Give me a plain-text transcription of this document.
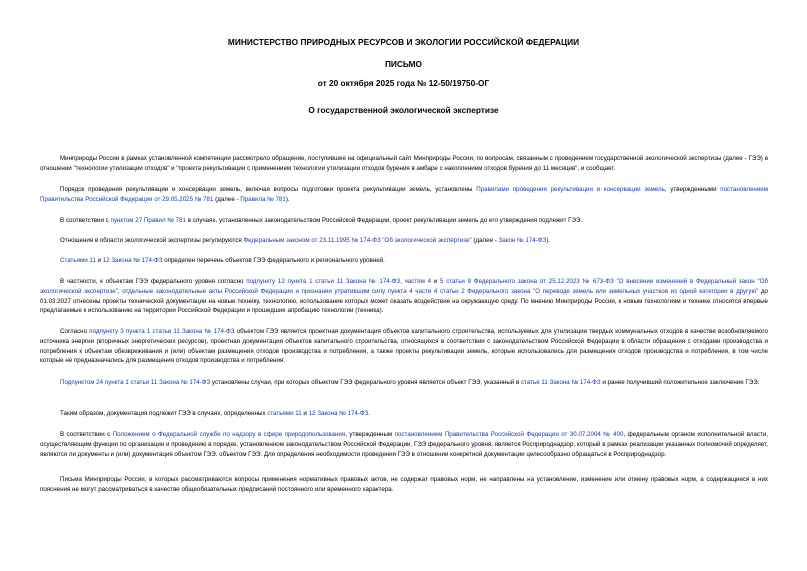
МИНИСТЕРСТВО ПРИРОДНЫХ РЕСУРСОВ И ЭКОЛОГИИ РОССИЙСКОЙ ФЕДЕРАЦИИ
ПИСЬМО
от 20 октября 2025 года № 12-50/19750-ОГ
О государственной экологической экспертизе

Минприроды России в рамках установленной компетенции рассмотрело обращение, поступившее на официальный сайт Минприроды России, по вопросам, связанным с проведением государственной экологической экспертизы (далее - ГЭЭ) в отношении "технологии утилизации отходов" и "проекта рекультивации с применением технологии утилизации отходов бурения в амбаре с накоплением отходов бурения до 11 месяцев", и сообщает.

Порядок проведения рекультивации и консервации земель, включая вопросы подготовки проекта рекультивации земель, установлены Правилами проведения рекультивации и консервации земель, утвержденными постановлением Правительства Российской Федерации от 29.05.2025 № 781 (далее - Правила № 781).

В соответствии с пунктом 27 Правил № 781 в случаях, установленных законодательством Российской Федерации, проект рекультивации земель до его утверждения подлежит ГЭЭ.

Отношения в области экологической экспертизы регулируются Федеральным законом от 23.11.1995 № 174-ФЗ "Об экологической экспертизе" (далее - Закон № 174-ФЗ).

Статьями 11 и 12 Закона № 174-ФЗ определен перечень объектов ГЭЭ федерального и регионального уровней.

В частности, к объектам ГЭЭ федерального уровня согласно подпункту 12 пункта 1 статьи 11 Закона № 174-ФЗ, частям 4 и 5 статьи 9 Федерального закона от 25.12.2023 № 673-ФЗ "О внесении изменений в Федеральный закон "Об экологической экспертизе", отдельные законодательные акты Российской Федерации и признании утратившим силу пункта 4 части 4 статьи 2 Федерального закона "О переводе земель или земельных участков из одной категории в другую" до 01.03.2027 отнесены проекты технической документации на новые технику, технологию, использование которых может оказать воздействие на окружающую среду. По мнению Минприроды России, к новым технологиям и технике относятся впервые предлагаемые к использованию на территории Российской Федерации и прошедшие апробацию технологии (техника).

Согласно подпункту 3 пункта 1 статьи 11 Закона № 174-ФЗ объектом ГЭЭ является проектная документация объектов капитального строительства, используемых для утилизации твердых коммунальных отходов в качестве возобновляемого источника энергии (вторичных энергетических ресурсов), проектная документация объектов капитального строительства, относящихся в соответствии с законодательством Российской Федерации в области обращения с отходами производства и потребления к объектам обезвреживания и (или) объектам размещения отходов производства и потребления, а также проекты рекультивации земель, которые использовались для размещения отходов производства и потребления, в том числе которые не предназначались для размещения отходов производства и потребления.

Подпунктом 24 пункта 1 статьи 11 Закона № 174-ФЗ установлены случаи, при которых объектом ГЭЭ федерального уровня является объект ГЭЭ, указанный в статье 11 Закона № 174-ФЗ и ранее получивший положительное заключение ГЭЭ.

Таким образом, документация подлежит ГЭЭ в случаях, определенных статьями 11 и 12 Закона № 174-ФЗ.

В соответствии с Положением о Федеральной службе по надзору в сфере природопользования, утвержденным постановлением Правительства Российской Федерации от 30.07.2004 № 400, федеральным органом исполнительной власти, осуществляющим функции по организации и проведению в порядке, установленном законодательством Российской Федерации, ГЭЭ федерального уровня, является Росприроднадзор, который в рамках реализации указанных полномочий определяет, являются ли документы и (или) документация объектом ГЭЭ. объектом ГЭЭ. Для определения необходимости проведения ГЭЭ в отношении конкретной документации целесообразно обращаться в Росприроднадзор.

Письма Минприроды России, в которых рассматриваются вопросы применения нормативных правовых актов, не содержат правовых норм, не направлены на установление, изменение или отмену правовых норм, а содержащиеся в них пояснения не могут рассматриваться в качестве общеобязательных предписаний постоянного или временного характера.
